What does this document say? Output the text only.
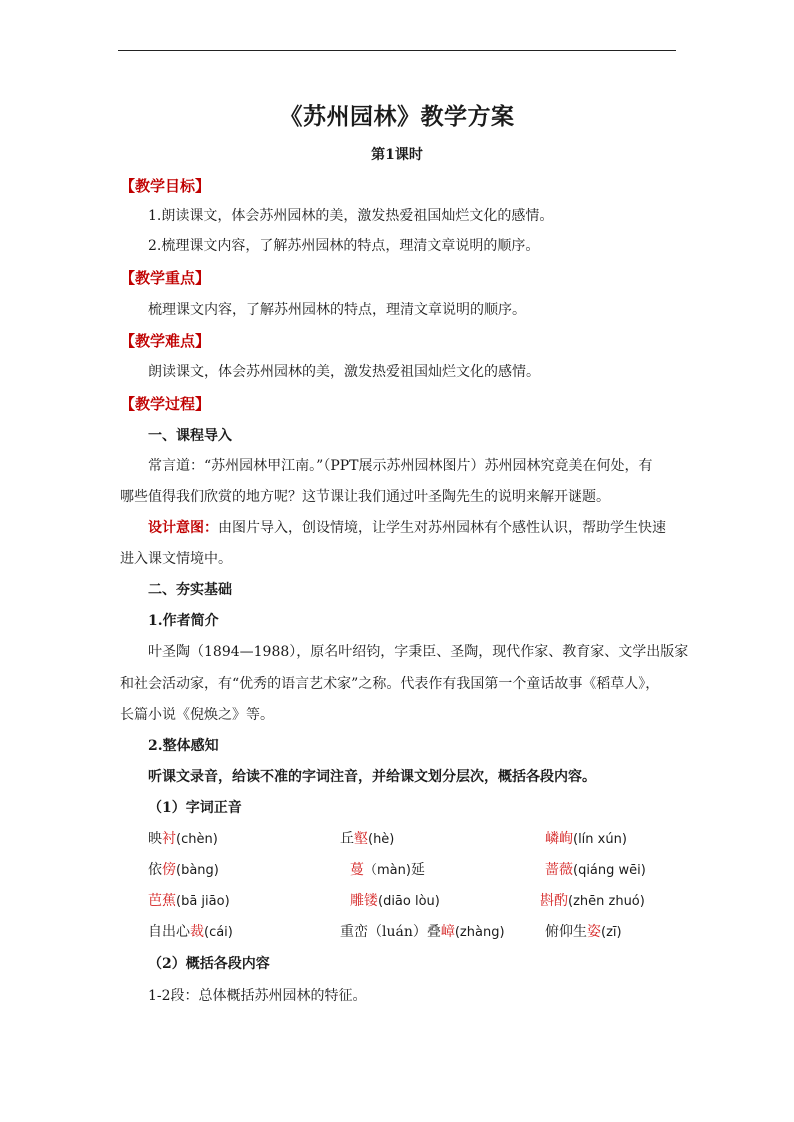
《苏州园林》教学方案
第1课时
【教学目标】
1.朗读课文，体会苏州园林的美，激发热爱祖国灿烂文化的感情。
2.梳理课文内容，了解苏州园林的特点，理清文章说明的顺序。
【教学重点】
梳理课文内容，了解苏州园林的特点，理清文章说明的顺序。
【教学难点】
朗读课文，体会苏州园林的美，激发热爱祖国灿烂文化的感情。
【教学过程】
一、课程导入
常言道：“苏州园林甲江南。”（PPT展示苏州园林图片）苏州园林究竟美在何处，有
哪些值得我们欣赏的地方呢？这节课让我们通过叶圣陶先生的说明来解开谜题。
设计意图：由图片导入，创设情境，让学生对苏州园林有个感性认识，帮助学生快速
进入课文情境中。
二、夯实基础
1.作者简介
叶圣陶（1894—1988），原名叶绍钧，字秉臣、圣陶，现代作家、教育家、文学出版家
和社会活动家，有“优秀的语言艺术家”之称。代表作有我国第一个童话故事《稻草人》，
长篇小说《倪焕之》等。
2.整体感知
听课文录音，给读不准的字词注音，并给课文划分层次，概括各段内容。
（1）字词正音
映衬(chèn)	丘壑(hè)	嶙峋(lín xún)
依傍(bàng)	蔓（màn)延	蔷薇(qiáng wēi)
芭蕉(bā jiāo)	雕镂(diāo lòu)	斟酌(zhēn zhuó)
自出心裁(cái)	重峦（luán）叠嶂(zhàng)	俯仰生姿(zī)
（2）概括各段内容
1-2段：总体概括苏州园林的特征。
